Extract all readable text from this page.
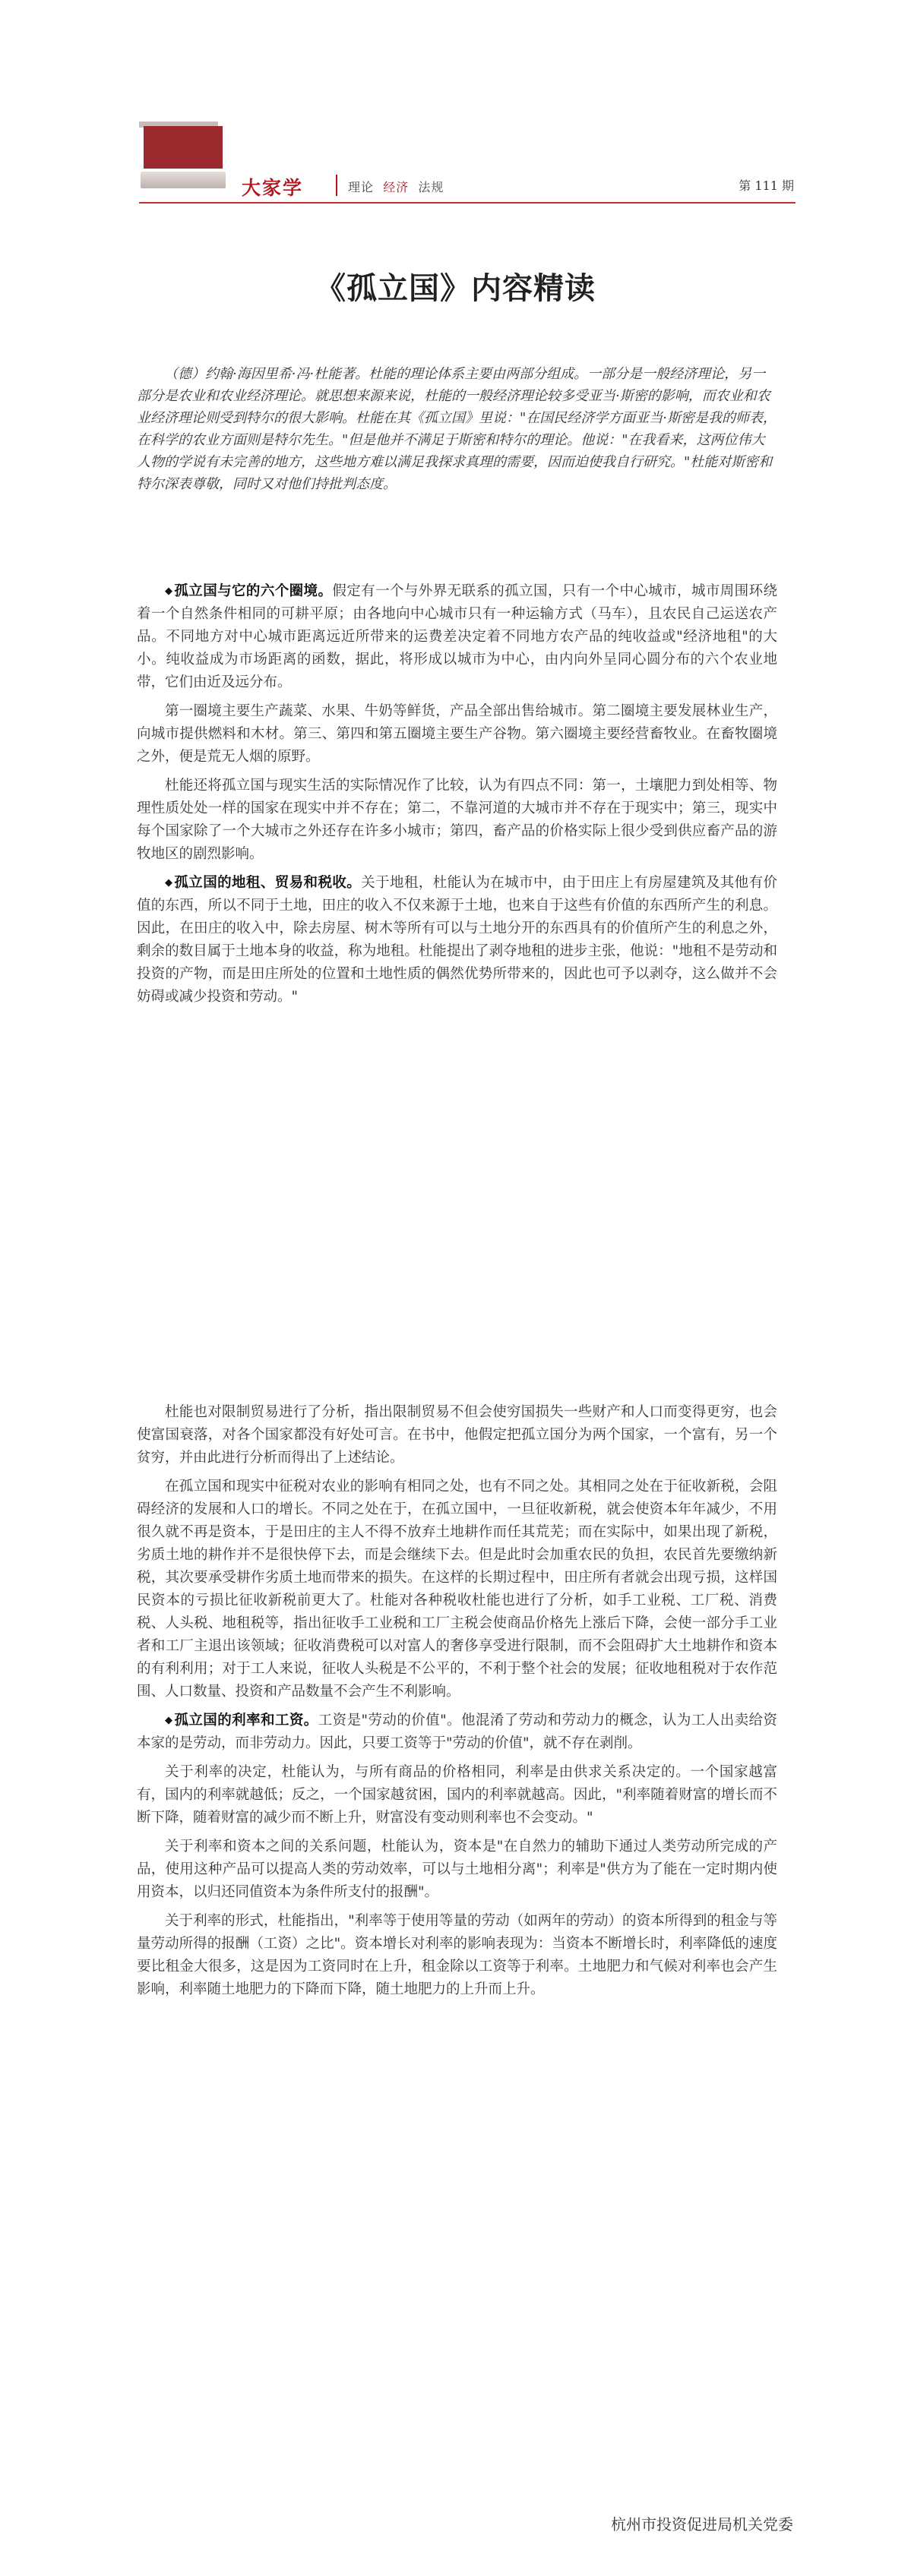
大家学	理论 经济 法规	第 111 期
《孤立国》内容精读

（德）约翰·海因里希·冯·杜能著。杜能的理论体系主要由两部分组成。一部分是一般经济理论，另一部分是农业和农业经济理论。就思想来源来说，杜能的一般经济理论较多受亚当·斯密的影响，而农业和农业经济理论则受到特尔的很大影响。杜能在其《孤立国》里说："在国民经济学方面亚当·斯密是我的师表，在科学的农业方面则是特尔先生。"但是他并不满足于斯密和特尔的理论。他说："在我看来，这两位伟大人物的学说有未完善的地方，这些地方难以满足我探求真理的需要，因而迫使我自行研究。"杜能对斯密和特尔深表尊敬，同时又对他们持批判态度。

◆ 孤立国与它的六个圈境。假定有一个与外界无联系的孤立国，只有一个中心城市，城市周围环绕着一个自然条件相同的可耕平原；由各地向中心城市只有一种运输方式（马车），且农民自己运送农产品。不同地方对中心城市距离远近所带来的运费差决定着不同地方农产品的纯收益或"经济地租"的大小。纯收益成为市场距离的函数，据此，将形成以城市为中心，由内向外呈同心圆分布的六个农业地带，它们由近及远分布。

第一圈境主要生产蔬菜、水果、牛奶等鲜货，产品全部出售给城市。第二圈境主要发展林业生产，向城市提供燃料和木材。第三、第四和第五圈境主要生产谷物。第六圈境主要经营畜牧业。在畜牧圈境之外，便是荒无人烟的原野。

杜能还将孤立国与现实生活的实际情况作了比较，认为有四点不同：第一，土壤肥力到处相等、物理性质处处一样的国家在现实中并不存在；第二，不靠河道的大城市并不存在于现实中；第三，现实中每个国家除了一个大城市之外还存在许多小城市；第四，畜产品的价格实际上很少受到供应畜产品的游牧地区的剧烈影响。

◆ 孤立国的地租、贸易和税收。关于地租，杜能认为在城市中，由于田庄上有房屋建筑及其他有价值的东西，所以不同于土地，田庄的收入不仅来源于土地，也来自于这些有价值的东西所产生的利息。因此，在田庄的收入中，除去房屋、树木等所有可以与土地分开的东西具有的价值所产生的利息之外，剩余的数目属于土地本身的收益，称为地租。杜能提出了剥夺地租的进步主张，他说："地租不是劳动和投资的产物，而是田庄所处的位置和土地性质的偶然优势所带来的，因此也可予以剥夺，这么做并不会妨碍或减少投资和劳动。"

杜能也对限制贸易进行了分析，指出限制贸易不但会使穷国损失一些财产和人口而变得更穷，也会使富国衰落，对各个国家都没有好处可言。在书中，他假定把孤立国分为两个国家，一个富有，另一个贫穷，并由此进行分析而得出了上述结论。

在孤立国和现实中征税对农业的影响有相同之处，也有不同之处。其相同之处在于征收新税，会阻碍经济的发展和人口的增长。不同之处在于，在孤立国中，一旦征收新税，就会使资本年年减少，不用很久就不再是资本，于是田庄的主人不得不放弃土地耕作而任其荒芜；而在实际中，如果出现了新税，劣质土地的耕作并不是很快停下去，而是会继续下去。但是此时会加重农民的负担，农民首先要缴纳新税，其次要承受耕作劣质土地而带来的损失。在这样的长期过程中，田庄所有者就会出现亏损，这样国民资本的亏损比征收新税前更大了。杜能对各种税收杜能也进行了分析，如手工业税、工厂税、消费税、人头税、地租税等，指出征收手工业税和工厂主税会使商品价格先上涨后下降，会使一部分手工业者和工厂主退出该领域；征收消费税可以对富人的奢侈享受进行限制，而不会阻碍扩大土地耕作和资本的有利利用；对于工人来说，征收人头税是不公平的，不利于整个社会的发展；征收地租税对于农作范围、人口数量、投资和产品数量不会产生不利影响。

◆ 孤立国的利率和工资。工资是"劳动的价值"。他混淆了劳动和劳动力的概念，认为工人出卖给资本家的是劳动，而非劳动力。因此，只要工资等于"劳动的价值"，就不存在剥削。

关于利率的决定，杜能认为，与所有商品的价格相同，利率是由供求关系决定的。一个国家越富有，国内的利率就越低；反之，一个国家越贫困，国内的利率就越高。因此，"利率随着财富的增长而不断下降，随着财富的减少而不断上升，财富没有变动则利率也不会变动。"

关于利率和资本之间的关系问题，杜能认为，资本是"在自然力的辅助下通过人类劳动所完成的产品，使用这种产品可以提高人类的劳动效率，可以与土地相分离"；利率是"供方为了能在一定时期内使用资本，以归还同值资本为条件所支付的报酬"。

关于利率的形式，杜能指出，"利率等于使用等量的劳动（如两年的劳动）的资本所得到的租金与等量劳动所得的报酬（工资）之比"。资本增长对利率的影响表现为：当资本不断增长时，利率降低的速度要比租金大很多，这是因为工资同时在上升，租金除以工资等于利率。土地肥力和气候对利率也会产生影响，利率随土地肥力的下降而下降，随土地肥力的上升而上升。

杭州市投资促进局机关党委
